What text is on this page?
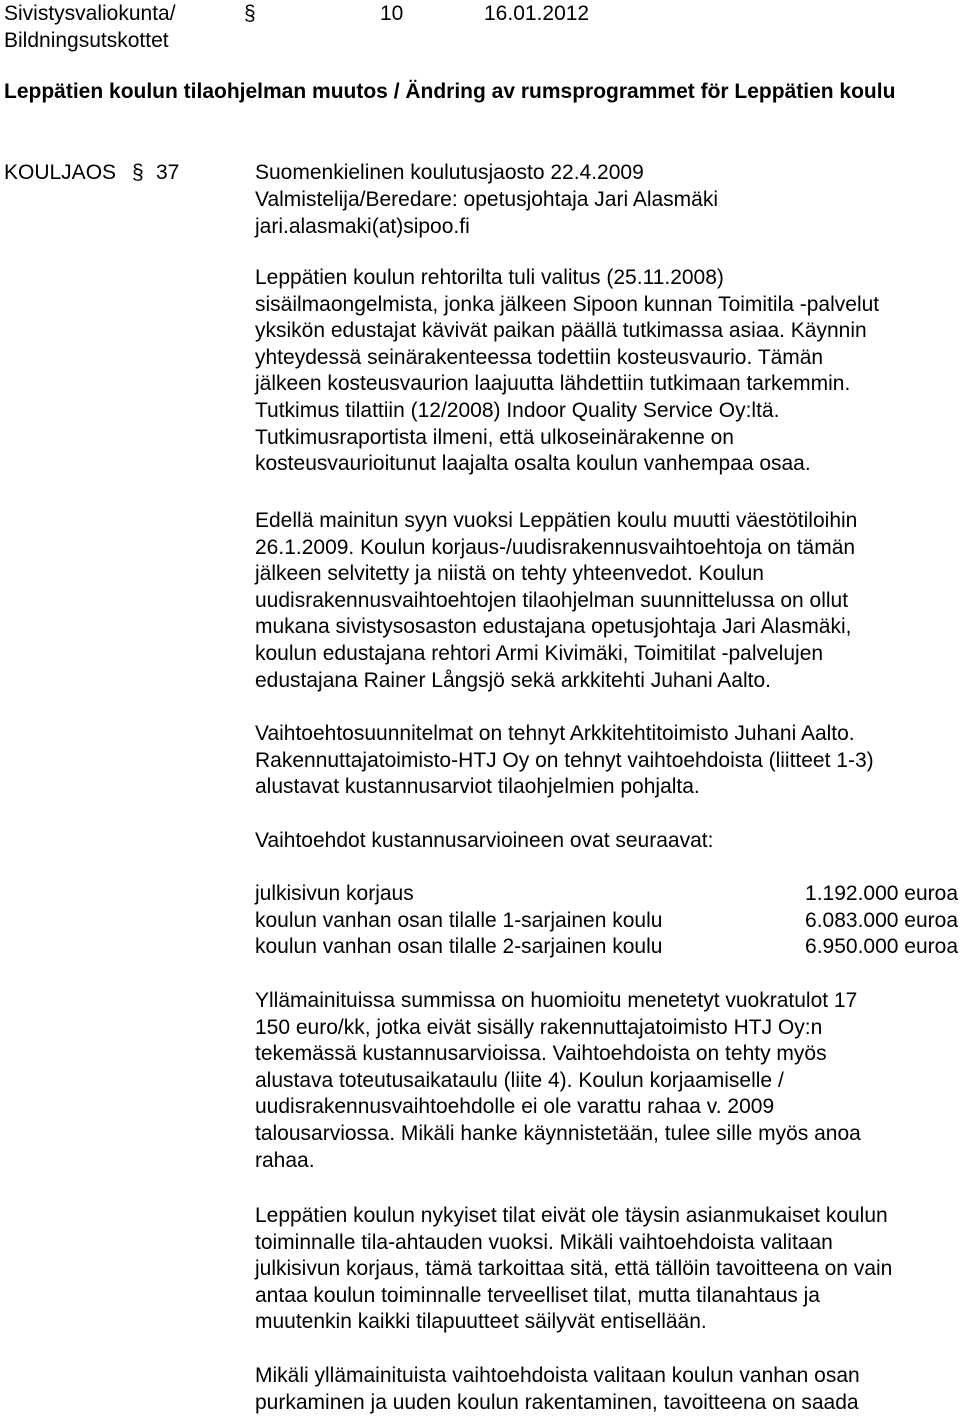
Sivistysvaliokunta/
Bildningsutskottet
§	10	16.01.2012
Leppätien koulun tilaohjelman muutos / Ändring av rumsprogrammet för Leppätien koulu
KOULJAOS § 37	Suomenkielinen koulutusjaosto 22.4.2009
Valmistelija/Beredare: opetusjohtaja Jari Alasmäki
jari.alasmaki(at)sipoo.fi
Leppätien koulun rehtorilta tuli valitus (25.11.2008)
sisäilmaongelmista, jonka jälkeen Sipoon kunnan Toimitila -palvelut
yksikön edustajat kävivät paikan päällä tutkimassa asiaa. Käynnin
yhteydessä seinärakenteessa todettiin kosteusvaurio. Tämän
jälkeen kosteusvaurion laajuutta lähdettiin tutkimaan tarkemmin.
Tutkimus tilattiin (12/2008) Indoor Quality Service Oy:ltä.
Tutkimusraportista ilmeni, että ulkoseinärakenne on
kosteusvaurioitunut laajalta osalta koulun vanhempaa osaa.
Edellä mainitun syyn vuoksi Leppätien koulu muutti väestötiloihin
26.1.2009. Koulun korjaus-/uudisrakennusvaihtoehtoja on tämän
jälkeen selvitetty ja niistä on tehty yhteenvedot. Koulun
uudisrakennusvaihtoehtojen tilaohjelman suunnittelussa on ollut
mukana sivistysosaston edustajana opetusjohtaja Jari Alasmäki,
koulun edustajana rehtori Armi Kivimäki, Toimitilat -palvelujen
edustajana Rainer Långsjö sekä arkkitehti Juhani Aalto.
Vaihtoehtosuunnitelmat on tehnyt Arkkitehtitoimisto Juhani Aalto.
Rakennuttajatoimisto-HTJ Oy on tehnyt vaihtoehdoista (liitteet 1-3)
alustavat kustannusarviot tilaohjelmien pohjalta.
Vaihtoehdot kustannusarvioineen ovat seuraavat:
julkisivun korjaus	1.192.000 euroa
koulun vanhan osan tilalle 1-sarjainen koulu	6.083.000 euroa
koulun vanhan osan tilalle 2-sarjainen koulu	6.950.000 euroa
Yllämainituissa summissa on huomioitu menetetyt vuokratulot 17
150 euro/kk, jotka eivät sisälly rakennuttajatoimisto HTJ Oy:n
tekemässä kustannusarvioissa. Vaihtoehdoista on tehty myös
alustava toteutusaikataulu (liite 4). Koulun korjaamiselle /
uudisrakennusvaihtoehdolle ei ole varattu rahaa v. 2009
talousarviossa. Mikäli hanke käynnistetään, tulee sille myös anoa
rahaa.
Leppätien koulun nykyiset tilat eivät ole täysin asianmukaiset koulun
toiminnalle tila-ahtauden vuoksi. Mikäli vaihtoehdoista valitaan
julkisivun korjaus, tämä tarkoittaa sitä, että tällöin tavoitteena on vain
antaa koulun toiminnalle terveelliset tilat, mutta tilanahtaus ja
muutenkin kaikki tilapuutteet säilyvät entisellään.
Mikäli yllämainituista vaihtoehdoista valitaan koulun vanhan osan
purkaminen ja uuden koulun rakentaminen, tavoitteena on saada
